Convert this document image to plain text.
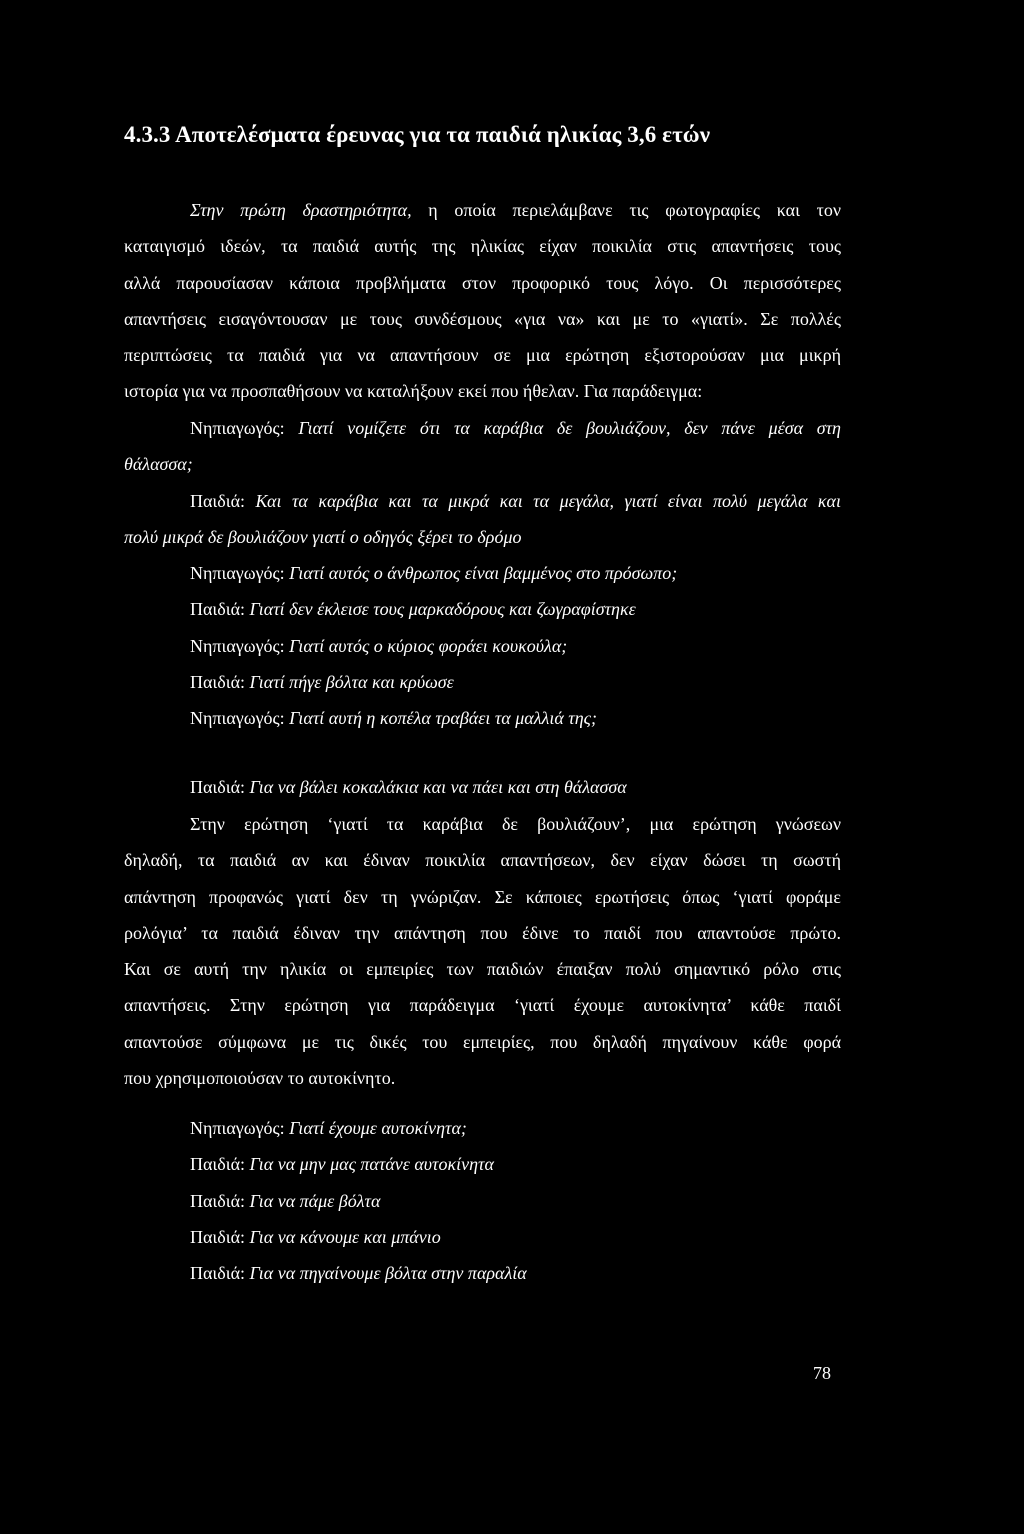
4.3.3 Αποτελέσματα έρευνας για τα παιδιά ηλικίας 3,6 ετών
Στην πρώτη δραστηριότητα, η οποία περιελάμβανε τις φωτογραφίες και τον
καταιγισμό ιδεών, τα παιδιά αυτής της ηλικίας είχαν ποικιλία στις απαντήσεις τους
αλλά παρουσίασαν κάποια προβλήματα στον προφορικό τους λόγο. Οι περισσότερες
απαντήσεις εισαγόντουσαν με τους συνδέσμους «για να» και με το «γιατί». Σε πολλές
περιπτώσεις τα παιδιά για να απαντήσουν σε μια ερώτηση εξιστορούσαν μια μικρή
ιστορία για να προσπαθήσουν να καταλήξουν εκεί που ήθελαν. Για παράδειγμα:
Νηπιαγωγός: Γιατί νομίζετε ότι τα καράβια δε βουλιάζουν, δεν πάνε μέσα στη
θάλασσα;
Παιδιά: Και τα καράβια και τα μικρά και τα μεγάλα, γιατί είναι πολύ μεγάλα και
πολύ μικρά δε βουλιάζουν γιατί ο οδηγός ξέρει το δρόμο
Νηπιαγωγός: Γιατί αυτός ο άνθρωπος είναι βαμμένος στο πρόσωπο;
Παιδιά: Γιατί δεν έκλεισε τους μαρκαδόρους και ζωγραφίστηκε
Νηπιαγωγός: Γιατί αυτός ο κύριος φοράει κουκούλα;
Παιδιά: Γιατί πήγε βόλτα και κρύωσε
Νηπιαγωγός: Γιατί αυτή η κοπέλα τραβάει τα μαλλιά της;
Παιδιά: Για να βάλει κοκαλάκια και να πάει και στη θάλασσα
Στην ερώτηση ‘γιατί τα καράβια δε βουλιάζουν’, μια ερώτηση γνώσεων
δηλαδή, τα παιδιά αν και έδιναν ποικιλία απαντήσεων, δεν είχαν δώσει τη σωστή
απάντηση προφανώς γιατί δεν τη γνώριζαν. Σε κάποιες ερωτήσεις όπως ‘γιατί φοράμε
ρολόγια’ τα παιδιά έδιναν την απάντηση που έδινε το παιδί που απαντούσε πρώτο.
Και σε αυτή την ηλικία οι εμπειρίες των παιδιών έπαιξαν πολύ σημαντικό ρόλο στις
απαντήσεις. Στην ερώτηση για παράδειγμα ‘γιατί έχουμε αυτοκίνητα’ κάθε παιδί
απαντούσε σύμφωνα με τις δικές του εμπειρίες, που δηλαδή πηγαίνουν κάθε φορά
που χρησιμοποιούσαν το αυτοκίνητο.
Νηπιαγωγός: Γιατί έχουμε αυτοκίνητα;
Παιδιά: Για να μην μας πατάνε αυτοκίνητα
Παιδιά: Για να πάμε βόλτα
Παιδιά: Για να κάνουμε και μπάνιο
Παιδιά: Για να πηγαίνουμε βόλτα στην παραλία
78
